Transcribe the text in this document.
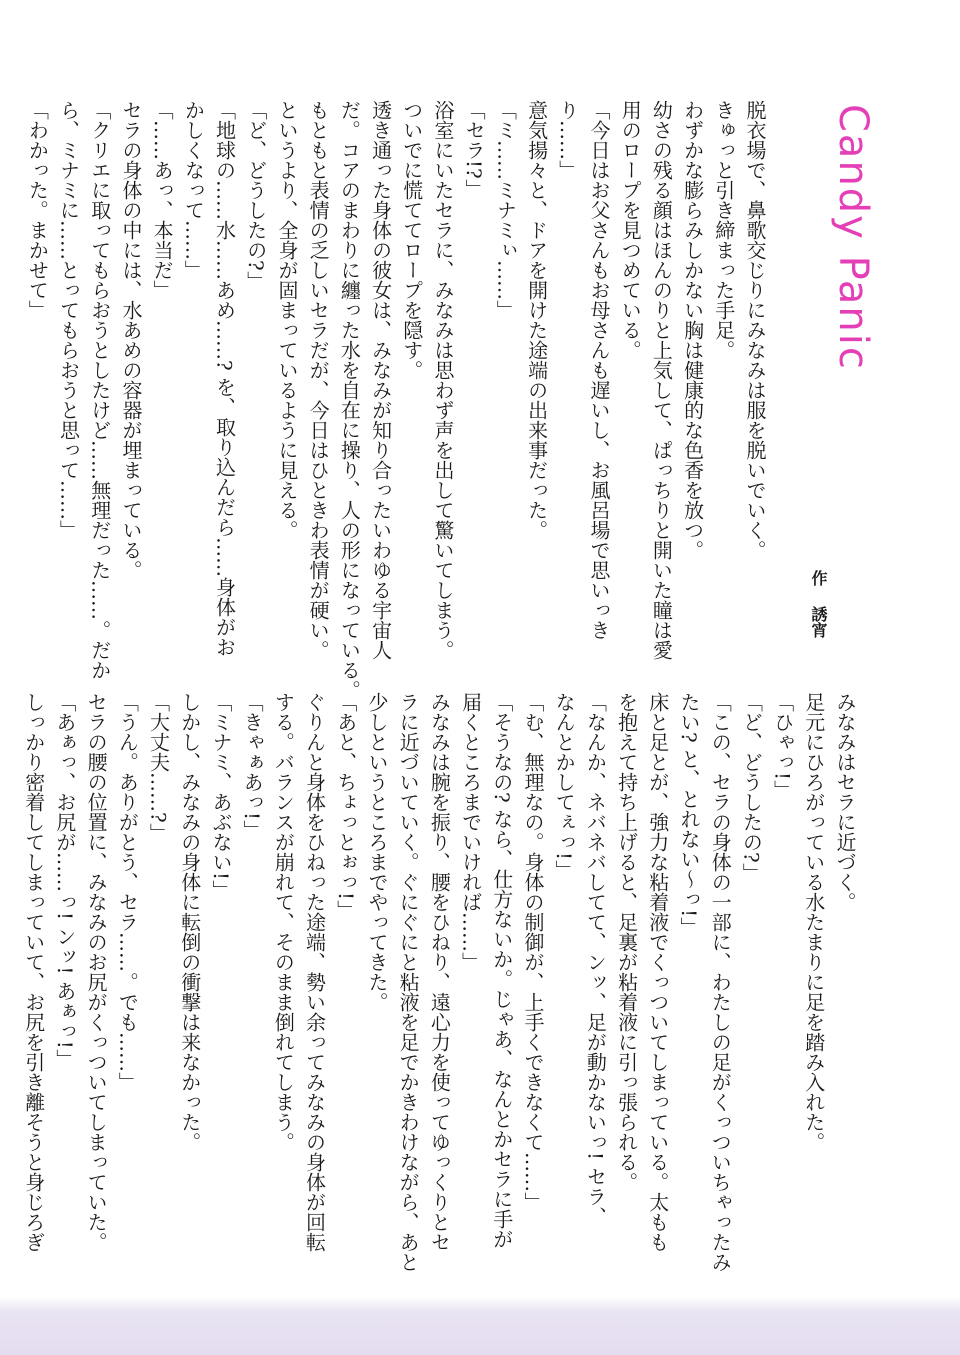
Candy Panic
作誘宵
脱衣場で、鼻歌交じりにみなみは服を脱いでいく。
きゅっと引き締まった手足。
わずかな膨らみしかない胸は健康的な色香を放つ。
幼さの残る顔はほんのりと上気して、ぱっちりと開いた瞳は愛
用のロープを見つめている。
「今日はお父さんもお母さんも遅いし、お風呂場で思いっき
り……」
意気揚々と、ドアを開けた途端の出来事だった。
「ミ……ミナミぃ……」
「セラ!?」
浴室にいたセラに、みなみは思わず声を出して驚いてしまう。
ついでに慌ててロープを隠す。
透き通った身体の彼女は、みなみが知り合ったいわゆる宇宙人
だ。コアのまわりに纏った水を自在に操り、人の形になっている。
もともと表情の乏しいセラだが、今日はひときわ表情が硬い。
というより、全身が固まっているように見える。
「ど、どうしたの?」
「地球の……水……あめ……? を、取り込んだら……身体がお
かしくなって……」
「……あっ、本当だ」
セラの身体の中には、水あめの容器が埋まっている。
「クリエに取ってもらおうとしたけど……無理だった……。だか
ら、ミナミに……とってもらおうと思って……」
「わかった。まかせて」
みなみはセラに近づく。
足元にひろがっている水たまりに足を踏み入れた。
「ひゃっ!」
「ど、どうしたの?」
「この、セラの身体の一部に、わたしの足がくっついちゃったみ
たい? と、とれない～っ!」
床と足とが、強力な粘着液でくっついてしまっている。太もも
を抱えて持ち上げると、足裏が粘着液に引っ張られる。
「なんか、ネバネバしてて、ンッ、足が動かないっ! セラ、
なんとかしてぇっ!」
「む、無理なの。身体の制御が、上手くできなくて……」
「そうなの? なら、仕方ないか。じゃあ、なんとかセラに手が
届くところまでいければ……」
みなみは腕を振り、腰をひねり、遠心力を使ってゆっくりとセ
ラに近づいていく。ぐにぐにと粘液を足でかきわけながら、あと
少しというところまでやってきた。
「あと、ちょっとぉっ!」
ぐりんと身体をひねった途端、勢い余ってみなみの身体が回転
する。バランスが崩れて、そのまま倒れてしまう。
「きゃぁあっ!」
「ミナミ、あぶない!」
しかし、みなみの身体に転倒の衝撃は来なかった。
「大丈夫……?」
「うん。ありがとう、セラ……。でも……」
セラの腰の位置に、みなみのお尻がくっついてしまっていた。
「あぁっ、お尻が……っ! ンッ! あぁっ!」
しっかり密着してしまっていて、お尻を引き離そうと身じろぎ
